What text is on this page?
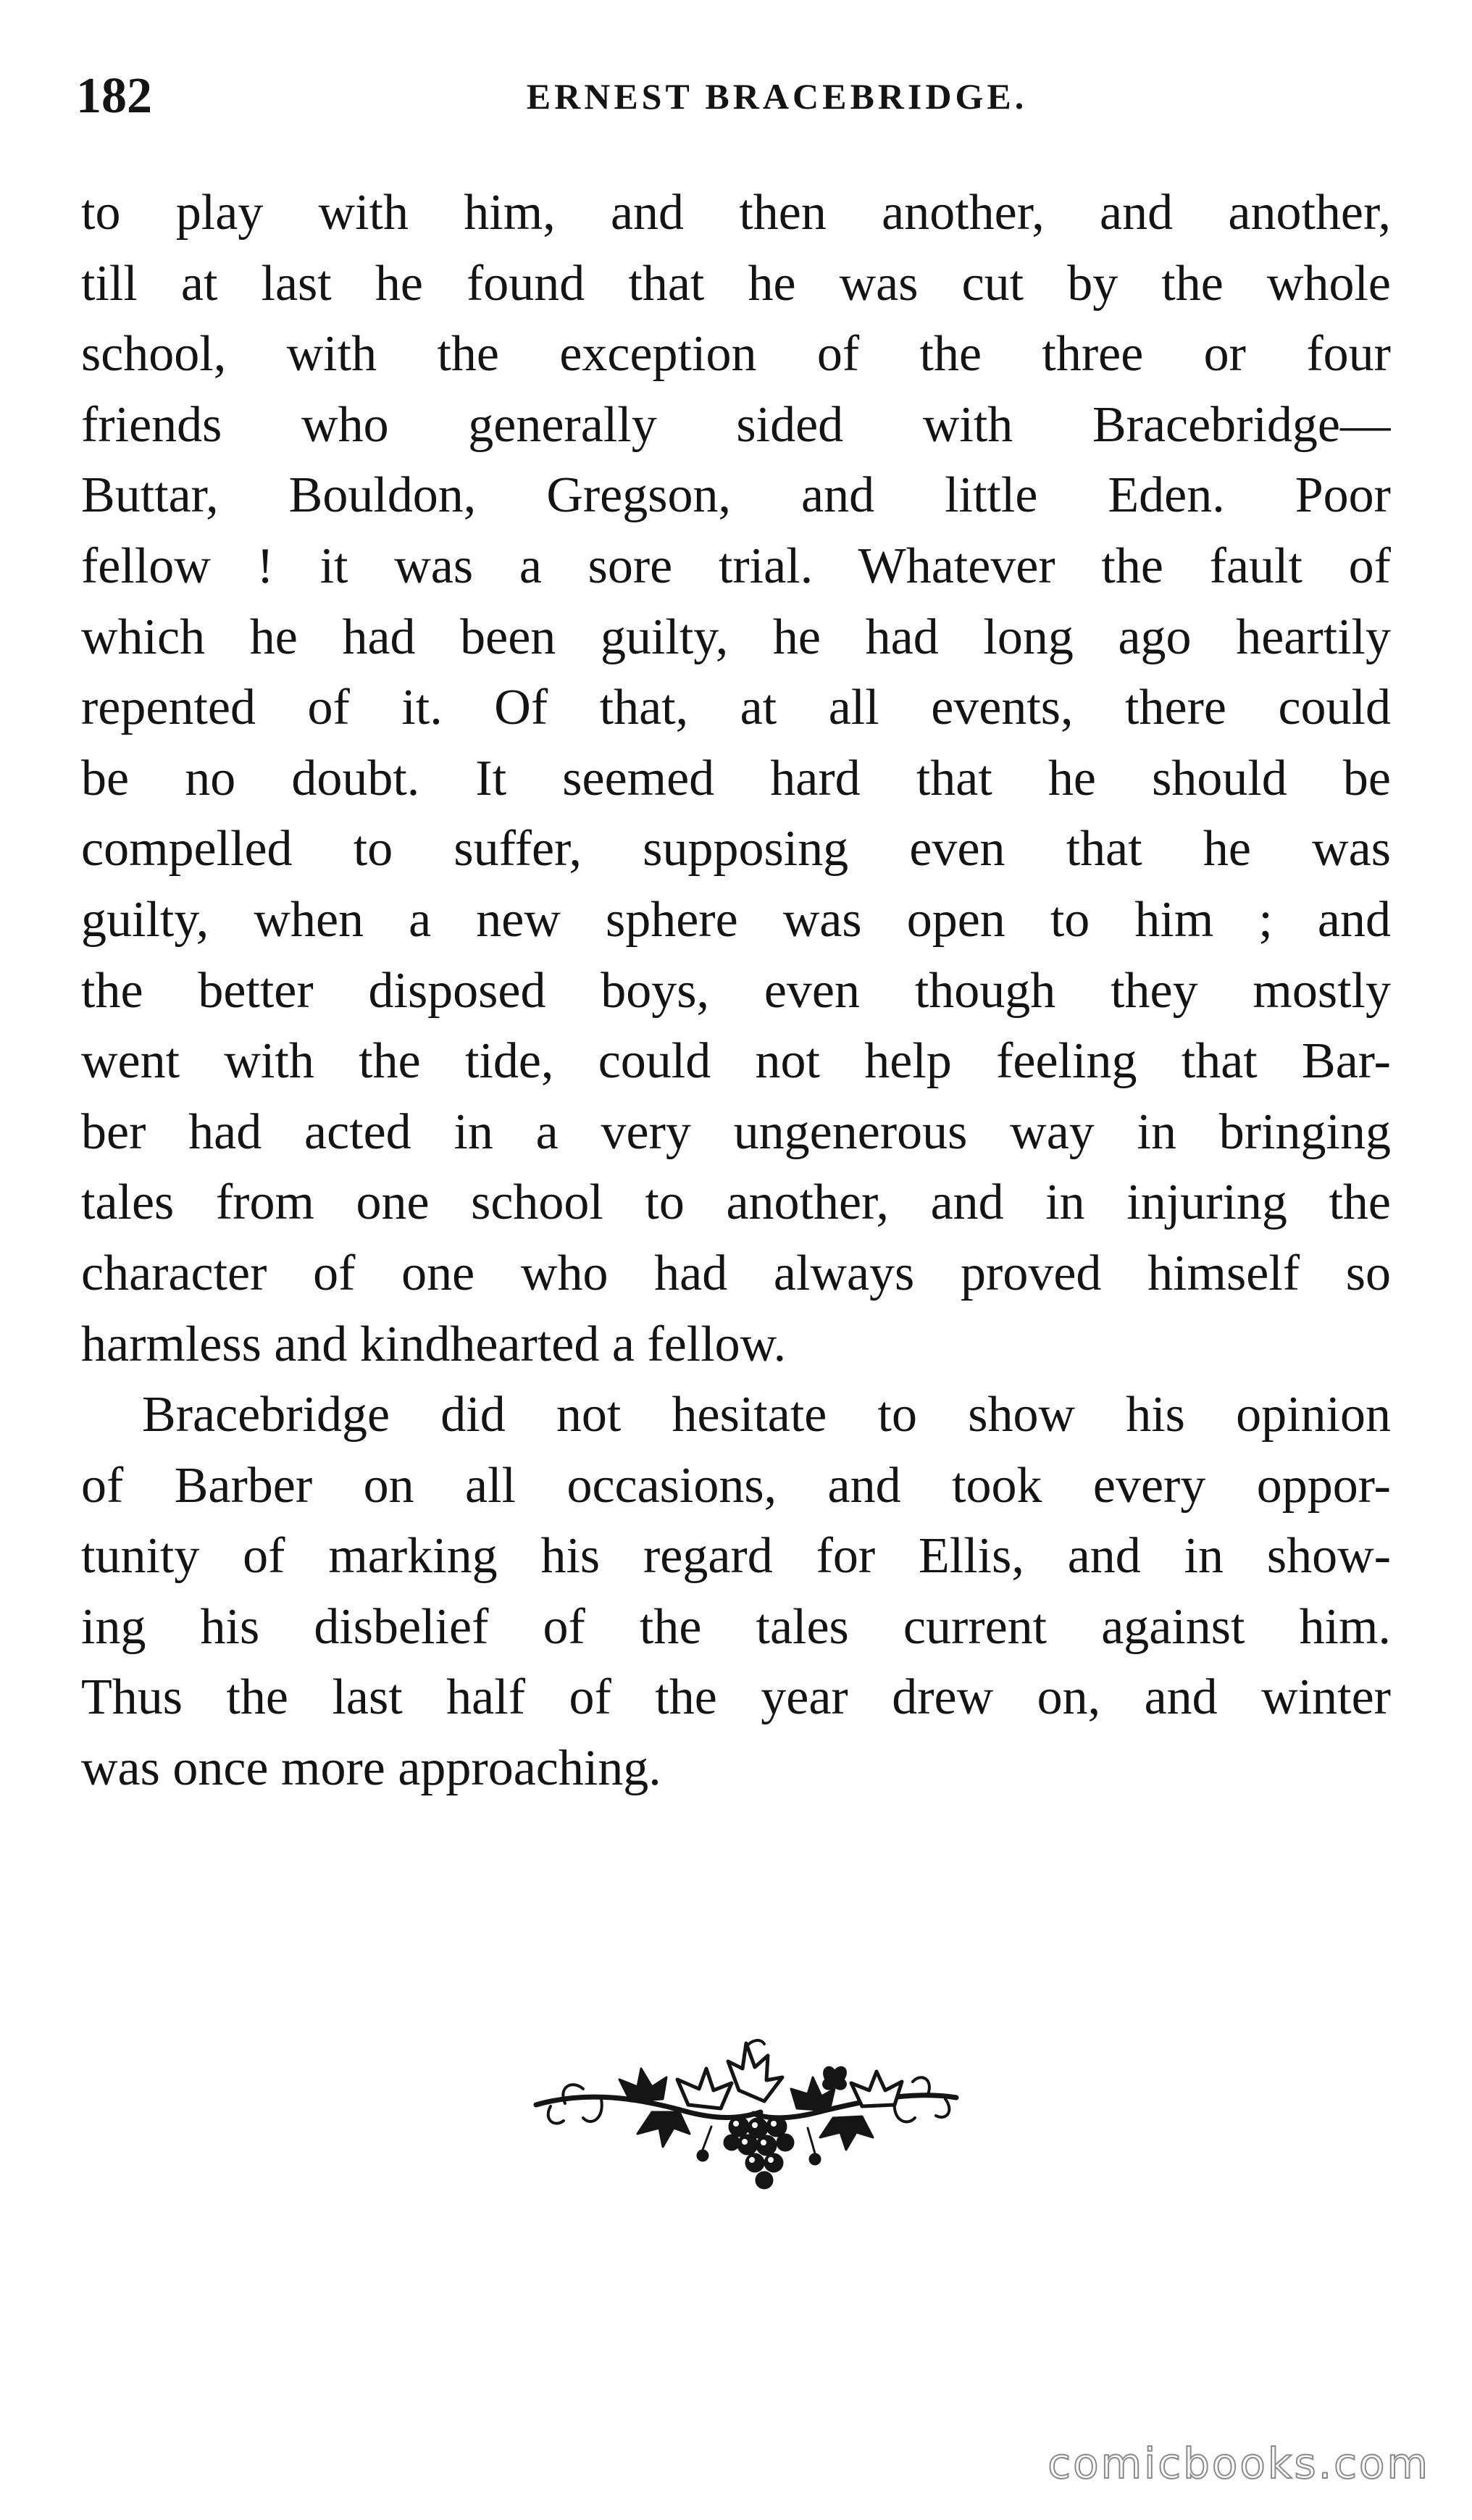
182	ERNEST BRACEBRIDGE.
to play with him, and then another, and another,
till at last he found that he was cut by the whole
school, with the exception of the three or four
friends who generally sided with Bracebridge—
Buttar, Bouldon, Gregson, and little Eden. Poor
fellow ! it was a sore trial. Whatever the fault of
which he had been guilty, he had long ago heartily
repented of it. Of that, at all events, there could
be no doubt. It seemed hard that he should be
compelled to suffer, supposing even that he was
guilty, when a new sphere was open to him ; and
the better disposed boys, even though they mostly
went with the tide, could not help feeling that Bar-
ber had acted in a very ungenerous way in bringing
tales from one school to another, and in injuring the
character of one who had always proved himself so
harmless and kindhearted a fellow.
Bracebridge did not hesitate to show his opinion
of Barber on all occasions, and took every oppor-
tunity of marking his regard for Ellis, and in show-
ing his disbelief of the tales current against him.
Thus the last half of the year drew on, and winter
was once more approaching.
comicbooks.com
